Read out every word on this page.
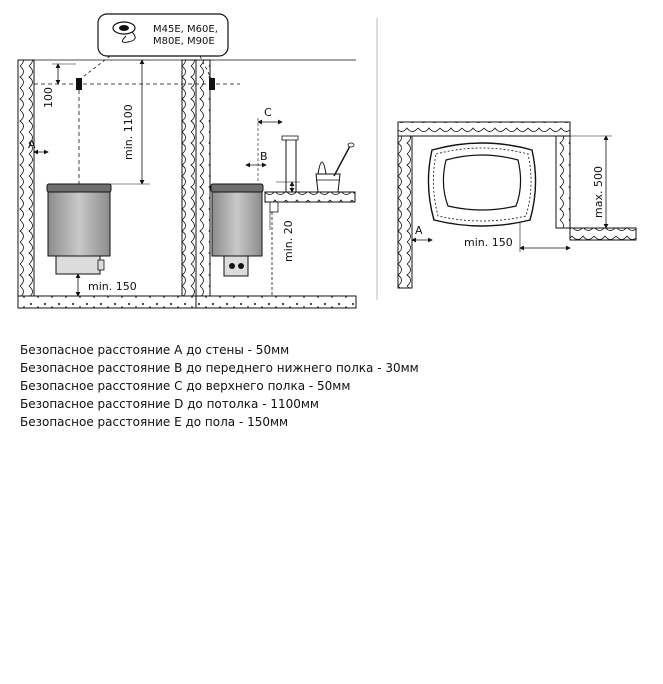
100
min. 1100
A
min. 150
M45E, M60E,
M80E, M90E
C
B
min. 20	A
min. 150
max. 500
Безопасное расстояние А до стены - 50мм
Безопасное расстояние B до переднего нижнего полка - 30мм
Безопасное расстояние C до верхнего полка - 50мм
Безопасное расстояние D до потолка - 1100мм
Безопасное расстояние E до пола - 150мм
